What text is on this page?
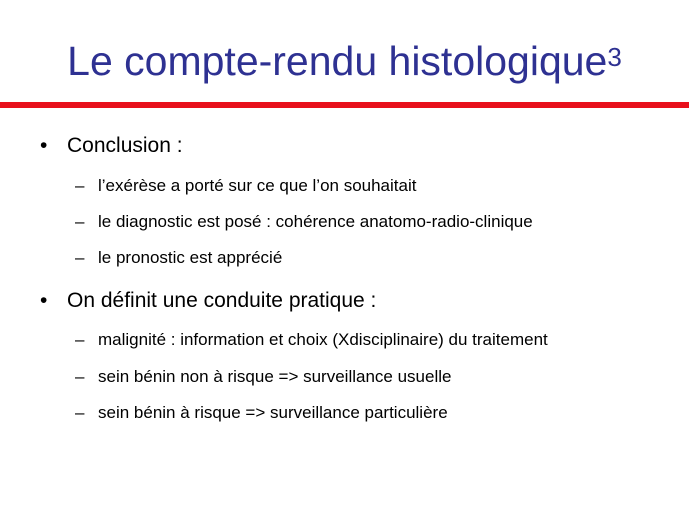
Le compte-rendu histologique$^3$
• Conclusion :
– l’exérèse a porté sur ce que l’on souhaitait
– le diagnostic est posé : cohérence anatomo-radio-clinique
– le pronostic est apprécié
• On définit une conduite pratique :
– malignité : information et choix (Xdisciplinaire) du traitement
– sein bénin non à risque => surveillance usuelle
– sein bénin à risque => surveillance particulière
